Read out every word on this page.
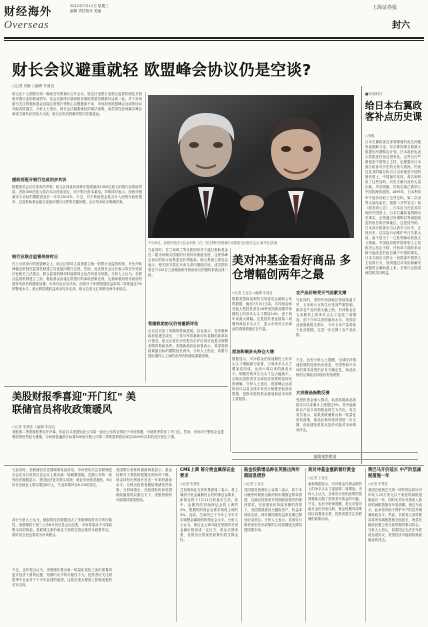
财经海外	2012年7月11日 星期三
编辑 责任校对 美编
Overseas
上海证券报
封六
财长会议避重就轻 欧盟峰会协议仍是空谈?
○记者 吴敏 ○编辑 朱周良
欧元区十七国财长周一晚间在布鲁塞尔召开会议，原定讨论银行业联合监管机制及对西班牙银行业的救助细节，但会议最终仅就西班牙援助贷款首期拨付达成一致，对于市场最为关注的救助基金直接注资银行等核心议题避而不谈，市场担忧欧盟峰会达成的协议可能再度落空。分析人士指出，财长会议避重就轻的做法表明，成员国在如何落实峰会承诺方面仍存在较大分歧，欧元区危机的解决依旧任重道远。
援助西班牙银行达成初步共识
根据财长会议后发布的声明，欧元区同意向西班牙提供最高1000亿欧元的银行业救助贷款，首批300亿欧元将在本月底前到位，用于银行资本重组。声明同时表示，西班牙削减赤字目标的期限将延长一年至2014年。不过，对于救助资金是否计入西班牙政府债务、以及救助基金能否直接向银行注资等关键问题，会议均未给出明确答案。
银行业联合监管尚待时日
在上月底举行的欧盟峰会上，欧元区领导人同意建立统一的银行业监管机制，并允许欧洲稳定机制在监管机制建立后直接向银行注资。然而，此次财长会议仅表示将在年底前讨论相关立法建议，联合监管机制何时能够真正运作仍是未知数。分析人士认为，在联合监管机制建立之前，救助基金直接注资银行的承诺恐难兑现，这意味着西班牙政府的债务负担仍将继续加重。市场对此反应冷淡，西班牙十年期国债收益率周二再度逼近7%的警戒水平，意大利国债收益率亦同步走高，欧元兑美元汇率跌至两年来低位。
7月10日，西班牙经济大臣金多斯（右）在比利时布鲁塞尔出席欧元区财长会议 新华社/法新
与此同时，芬兰和荷兰等北欧国家对于通过救助基金在二级市场购买国债的计划仍持保留态度，这使得峰会协议的执行前景更加扑朔迷离。欧元集团主席容克表示，相关细节将在未来几周内继续讨论，成员国有望在7月20日之前就西班牙救助协议的最终条款达成一致。
希腊救助协议仍待重新评估
会议还讨论了希腊的救助进展。容克表示，在希腊新政府组建完成后，三驾马车将重新评估希腊的改革执行情况，欧元区将在评估报告出炉后再讨论是否调整希腊的救助条件。希腊新政府此前曾表示，希望将财政紧缩目标的期限延长两年。分析人士指出，希腊与国际债权人之间的谈判仍将面临重重困难。
美对冲基金看好商品 多仓增幅创两年之最
○记者 王宙洁 ○编辑 朱周良
根据美国商品期货交易委员会最新公布的数据，截至7月3日当周，对冲基金和其他大型投机者在18种美国商品期货和期权上的净多头头寸增加14%，创下两年来最大增幅。这是投机者连续第二周增持商品多头头寸，显示市场对大宗商品的看涨情绪正在升温。
原油和铜多头持仓大增
数据显示，对冲基金在原油期货上的多头头寸增幅最为显著，当周净多头头寸增加近四成，达到六周以来的最高水平。铜期货的净空头头寸也大幅减少，反映出投资者对全球经济前景的担忧有所缓解。分析人士指出，欧盟峰会达成的协议以及全球多家央行相继采取宽松措施，是推动投机资金重返商品市场的主要原因。
农产品价格受天气因素支撑
与此同时，美国中西部地区持续高温干旱，玉米和大豆的生长受到严重影响，推动农产品价格大幅上涨。对冲基金在玉米期货上的净多头头寸连续三周增加，创下今年以来的最高水平。美国农业部最新报告预计，今年玉米产量将低于此前预期，这进一步支撑了农产品价格。
不过，也有分析人士提醒，全球经济增速放缓的趋势尚未改变，中国等新兴市场的需求前景仍存在不确定性，商品价格的反弹能否持续仍有待观察。
大宗商品指数反弹
受投机资金流入推动，标普高盛商品指数本月以来累计上涨超过5%，其中能源和农产品分项指数表现尤为突出。有交易员表示，如果美联储推出新一轮量化宽松政策，商品价格有望获得进一步支撑，但欧债危机的反复仍可能对市场构成冲击。
■环球时评
给日本右翼政客补点历史课
○李聪
日本右翼政客近来频频就钓鱼岛问题发表挑衅言论，东京都知事石原慎太郎提出所谓购岛计划，日本政府也表示将推进钓鱼岛国有化。这些言行严重侵犯中国领土主权，也暴露出日本部分政客对历史的无知与漠视。钓鱼岛及其附属岛屿自古以来就是中国的固有领土，中国最早发现、命名和利用了这些岛屿，历史文献对此有大量记载。早在明朝，钓鱼岛就已被纳入中国的海防范围。1895年，日本利用甲午战争窃取了这些岛屿。第二次世界大战结束后，根据《开罗宣言》和《波茨坦公告》，日本应当归还其窃取的中国领土。日本右翼政客罔顾历史事实，企图通过所谓购岛等闹剧改变钓鱼岛的法律地位，这是徒劳的。日本部分政客应当认真学习历史，正视历史，以实际行动维护中日关系大局，而不是为了一己私利煽动民族主义情绪。中国政府维护国家领土主权的决心坚定不移，任何单方面的举动都不能改变钓鱼岛属于中国的事实。日本方面应当停止一切损害中国领土主权的行为，回到通过对话协商解决问题的正确轨道上来，否则只会损害两国的共同利益。
美股财报季喜迎"开门红" 美联储官员将收政策暖风
○记者 朱贤佳 ○编辑 朱周良
美股第二季度财报季拉开序幕，铝业巨头美国铝业公司周一盘后公布的业绩好于市场预期，为财报季带来了开门红。然而，市场对于整体企业盈利前景仍然较为谨慎，分析师普遍预计标普500成分股公司第二季度盈利将出现自2009年以来的首次同比下滑。
编辑观察邀请
与此同时，美联储官员近期频频发表讲话，市场密切关注美联储是否会在本月底的议息会议上推出新一轮刺激措施。近期公布的一系列经济数据显示，美国经济复苏势头放缓，就业市场依旧疲软，6月份非农就业人数仅增加8万人，失业率维持在8.2%的高位。
部分分析人士认为，疲弱的经济数据加大了美联储再度出手的可能性。美联储将于周三公布6月份议息会议纪要，市场希望从中寻找政策走向的线索。美联储主席伯南克下周将在国会就货币政策作证，届时其言论也将成为市场焦点。
不过，也有观点认为，美联储在推出新一轮量化宽松之前仍需看到更多经济下滑的证据，短期内出手的可能性不大。投资者应关注财报季中企业对于下半年业绩的展望，这将在很大程度上影响美股的后市走向。
美国银行美林的最新调查显示，基金经理对于美股的配置比例有所下降，现金持有比例则升至近一年来的最高水平，反映出投资者避险情绪依然浓厚。分析师指出，在欧债危机和美国财政悬崖的双重压力下，美股短期内可能维持震荡格局。
CME上调 部分贵金属保证金要求
○记者 朱贤佳
芝加哥商业交易所集团周二表示，将上调部分贵金属期货合约的保证金要求，新规定将于7月11日收盘后生效。其中，金期货的初始保证金将上调约3%，银期货的保证金要求则将上调约5%。此前，芝商所已于今年上半年多次调整金属期货的保证金水平。分析人士认为，保证金上调可能在短期内对贵金属价格形成一定压力，但从长期来看，各国央行的宽松政策仍将支撑金价。
陆金投新增品种在英推出两年期固息债券
○记者 王宙洁
英国债务管理办公室周二表示，将于本月晚些时候推出新的两年期固定利率国债，以满足投资者对短期政府债券的强劲需求。在欧债危机持续发酵的背景下，英国国债被视为避险资产，收益率持续走低，两年期国债收益率近期已降至纪录低位。分析人士表示，英国央行维持宽松货币政策的立场将继续支撑英国国债市场。
美对冲基金重新看好黄金
○记者 王宙洁
最新数据显示，对冲基金在黄金期货上的净多头头寸连续第二周增加。市场人士认为，全球央行宽松政策的预期重新点燃了投资者对黄金的兴趣。不过，也有分析师提醒，美元走强可能对金价形成压制，黄金短期内或维持区间震荡走势，投资者需关注美联储的政策动向。
奥巴马开价延长 中产阶层减税措施一年
○记者 朱贤佳
美国总统奥巴马周一呼吁国会将针对年收入25万美元以下家庭的减税措施延长一年，同时允许针对高收入群体的减税措施在年底到期。奥巴马表示，此举将有助于保护中产阶层并削减财政赤字。然而，共和党人坚持要求将所有减税措施全面延长，两党在税收问题上的分歧短期内难以弥合。分析人士担心，如果国会无法在年底前达成协议，美国经济可能面临财政悬崖的冲击。
